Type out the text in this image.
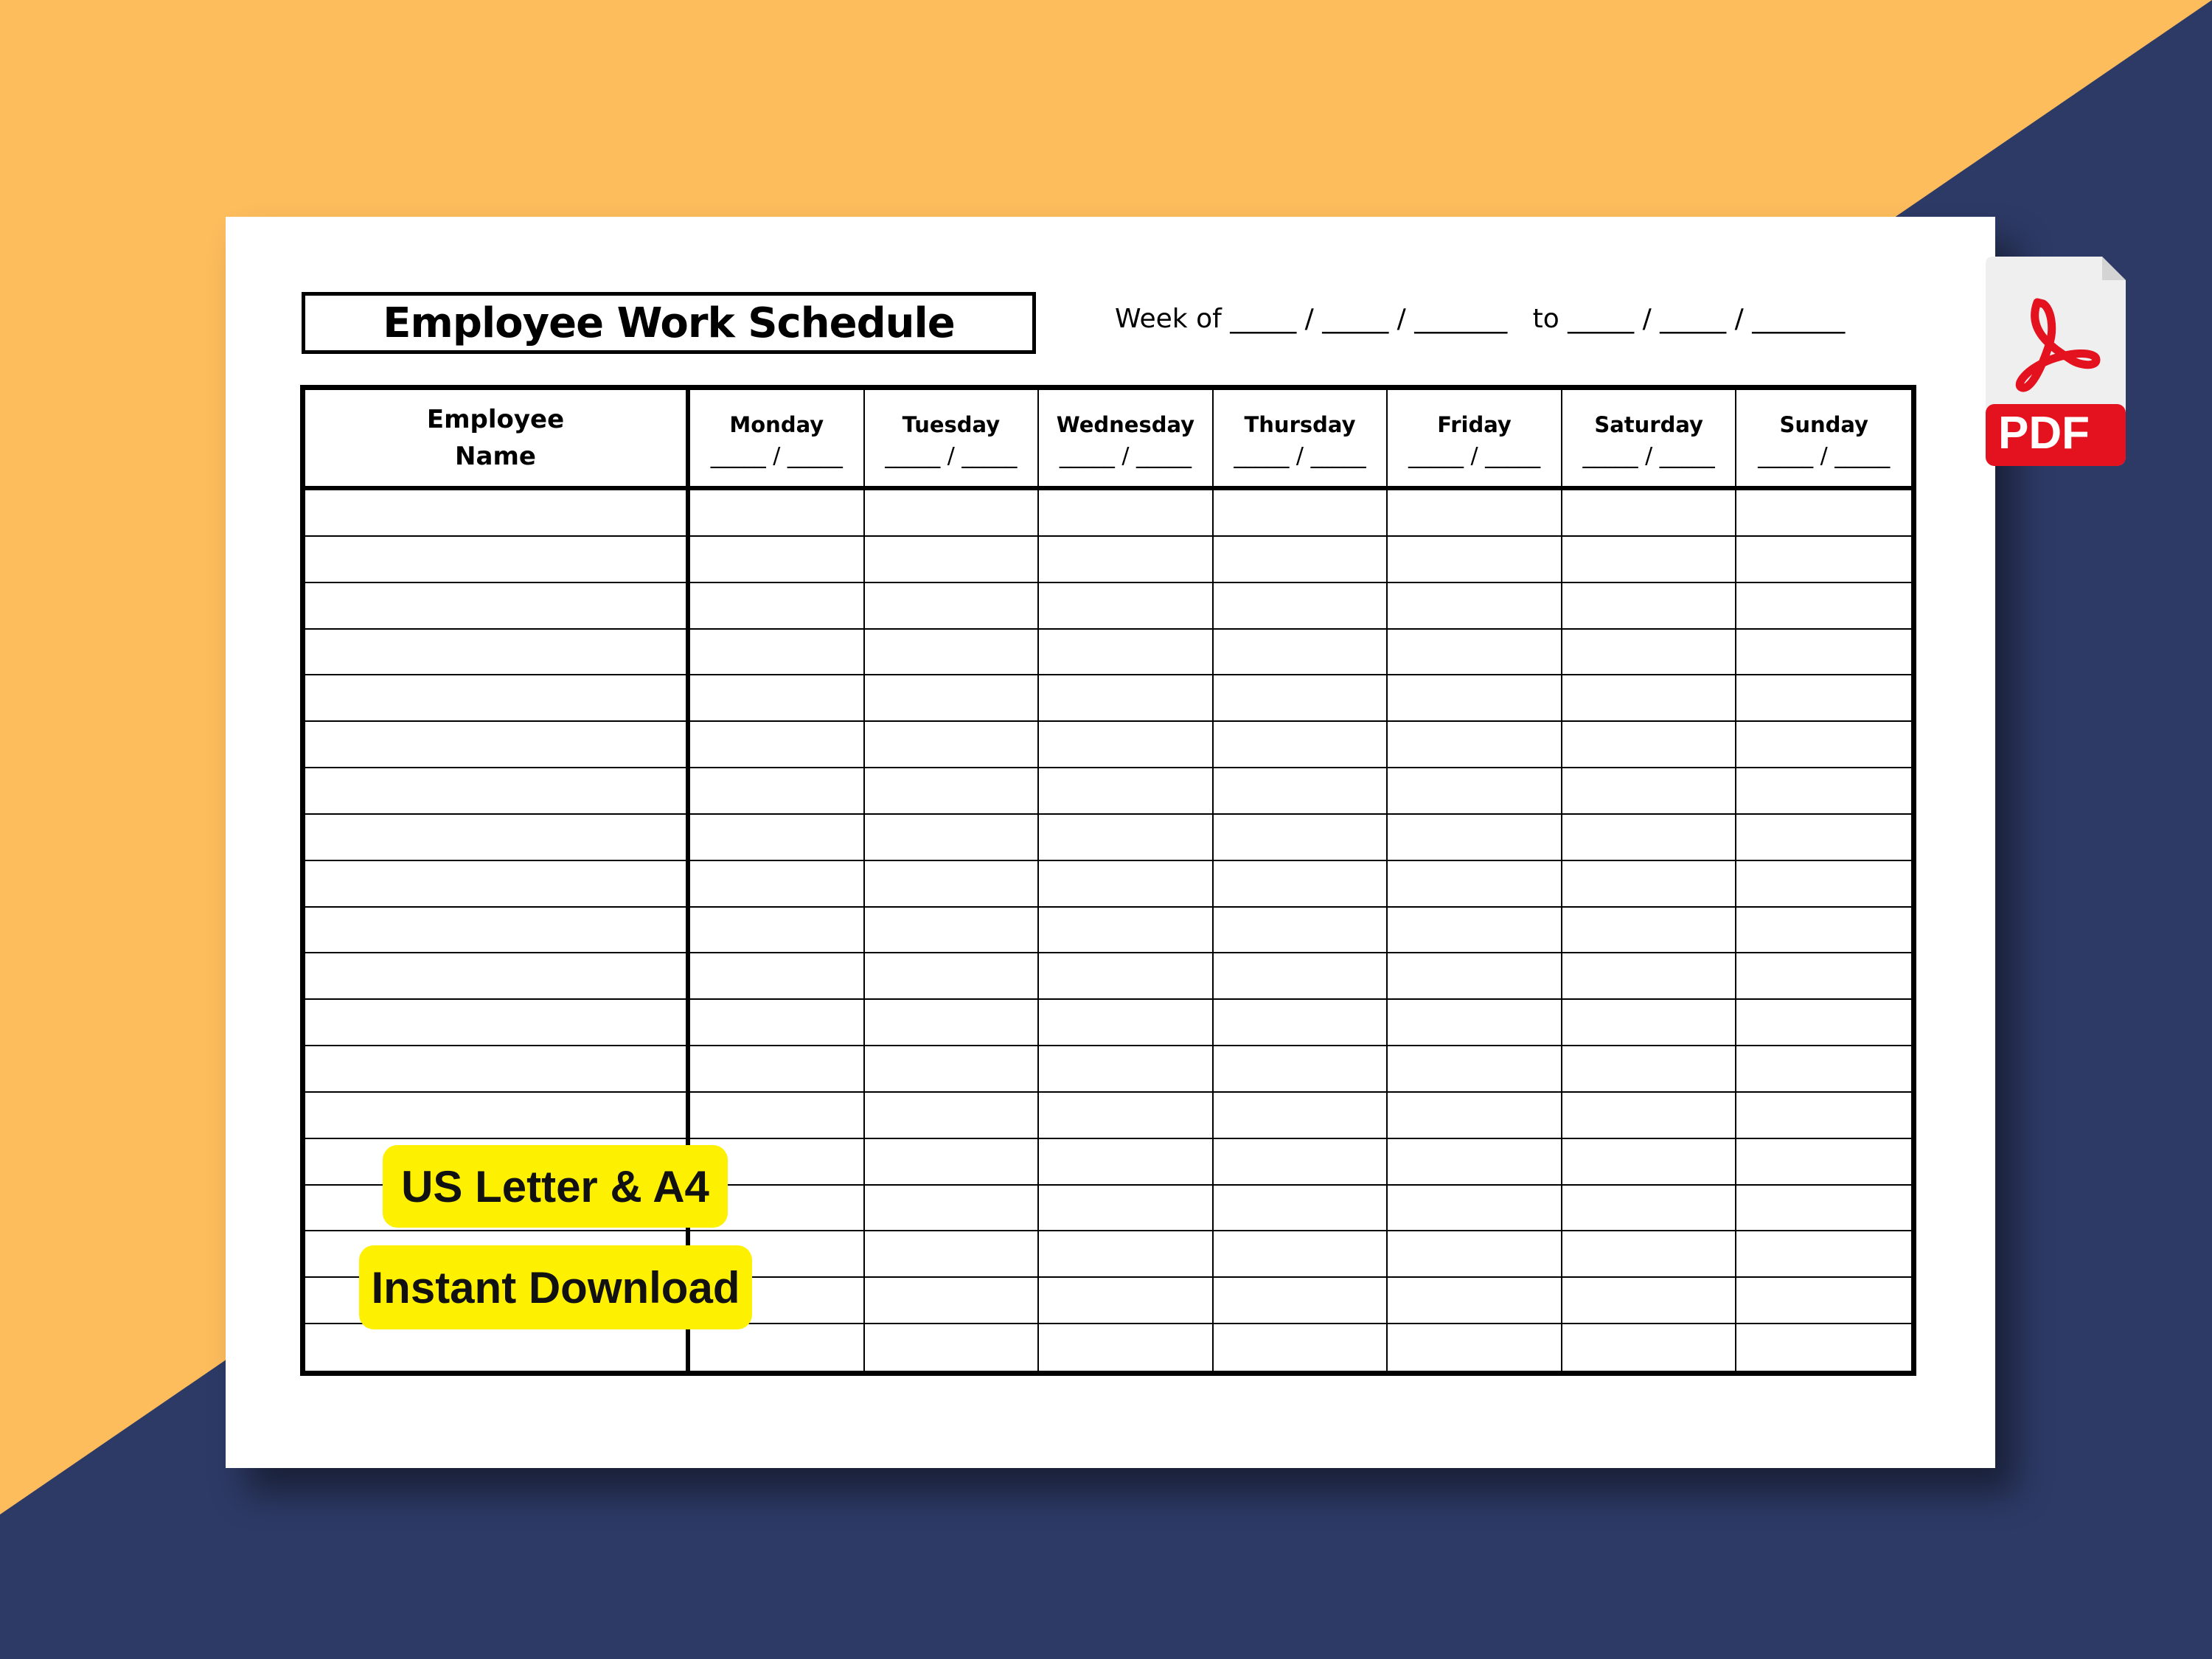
Employee Work Schedule	Week of _____ / _____ / _______   to _____ / _____ / _______
Employee
Name
Monday
_____ / _____
Tuesday
_____ / _____
Wednesday
_____ / _____
Thursday
_____ / _____
Friday
_____ / _____
Saturday
_____ / _____
Sunday
_____ / _____
US Letter & A4
Instant Download
PDF
